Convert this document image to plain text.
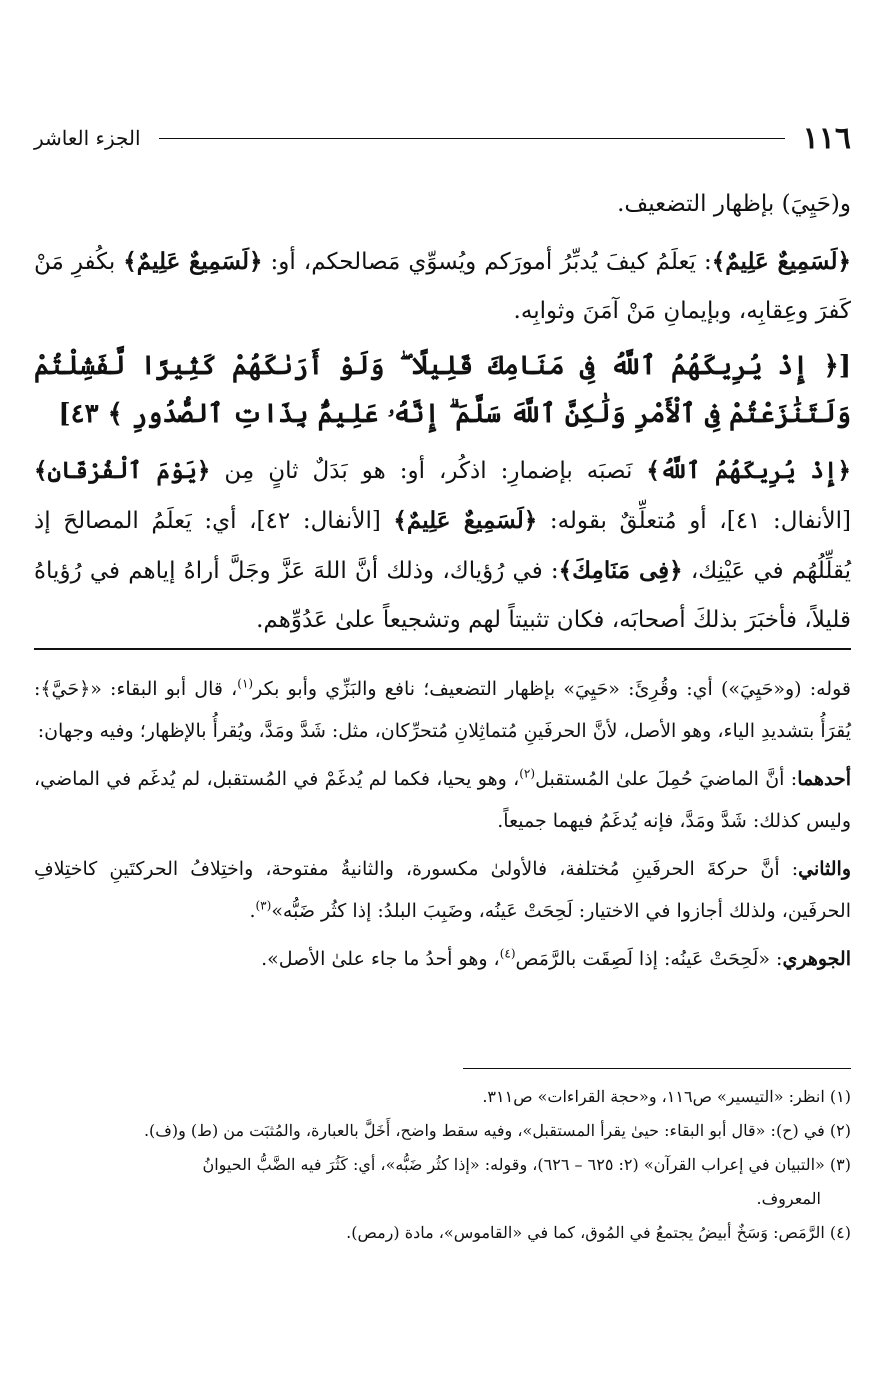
١١٦
الجزء العاشر

و(حَيِيَ) بإظهار التضعيف.

﴿لَسَمِيعٌ عَلِيمٌ﴾: يَعلَمُ كيفَ يُدبِّرُ أمورَكم ويُسوِّي مَصالحكم، أو: ﴿لَسَمِيعٌ عَلِيمٌ﴾ بكُفرِ مَنْ كَفرَ وعِقابِه، وبإيمانِ مَنْ آمَنَ وثوابِه.

[﴿ إِذْ يُرِيكَهُمُ ٱللَّهُ فِى مَنَامِكَ قَلِيلًا ۖ وَلَوْ أَرَىٰكَهُمْ كَثِيرًا لَّفَشِلْتُمْ وَلَتَنَٰزَعْتُمْ فِى ٱلْأَمْرِ وَلَٰكِنَّ ٱللَّهَ سَلَّمَ ۗ إِنَّهُۥ عَلِيمٌۢ بِذَاتِ ٱلصُّدُورِ ﴾ ٤٣]

﴿إِذْ يُرِيكَهُمُ ٱللَّهُ﴾ نَصبَه بإضمارِ: اذكُر، أو: هو بَدَلٌ ثانٍ مِن ﴿يَوْمَ ٱلْفُرْقَانِ﴾ [الأنفال: ٤١]، أو مُتعلِّقٌ بقوله: ﴿لَسَمِيعٌ عَلِيمٌ﴾ [الأنفال: ٤٢]، أي: يَعلَمُ المصالحَ إذ يُقلِّلُهُم في عَيْنِك، ﴿فِى مَنَامِكَ﴾: في رُؤياك، وذلك أنَّ اللهَ عَزَّ وجَلَّ أراهُ إياهم في رُؤياهُ قليلاً، فأخبَرَ بذلكَ أصحابَه، فكان تثبيتاً لهم وتشجيعاً علىٰ عَدُوِّهم.

قوله: (و«حَيِيَ») أي: وقُرِئَ: «حَيِيَ» بإظهار التضعيف؛ نافع والبَزِّي وأبو بكر$^{(١)}$، قال أبو البقاء: «﴿حَيَّ﴾: يُقرَأُ بتشديدِ الياء، وهو الأصل، لأنَّ الحرفَينِ مُتماثِلانِ مُتحرِّكان، مثل: شَدَّ ومَدَّ، ويُقرأُ بالإظهار؛ وفيه وجهان:

أحدهما: أنَّ الماضيَ حُمِلَ علىٰ المُستقبل$^{(٢)}$، وهو يحيا، فكما لم يُدغَمْ في المُستقبل، لم يُدغَم في الماضي، وليس كذلك: شَدَّ ومَدَّ، فإنه يُدغَمُ فيهما جميعاً.

والثاني: أنَّ حركةَ الحرفَينِ مُختلفة، فالأولىٰ مكسورة، والثانيةُ مفتوحة، واختِلافُ الحركتَينِ كاختِلافِ الحرفَين، ولذلك أجازوا في الاختيار: لَحِحَتْ عَينُه، وضَبِبَ البلدُ: إذا كثُر ضَبُّه»$^{(٣)}$.

الجوهري: «لَحِحَتْ عَينُه: إذا لَصِقَت بالرَّمَص$^{(٤)}$، وهو أحدُ ما جاء علىٰ الأصل».

(١) انظر: «التيسير» ص١١٦، و«حجة القراءات» ص٣١١.

(٢) في (ح): «قال أبو البقاء: حيىٰ يقرأ المستقبل»، وفيه سقط واضح، أَخَلَّ بالعبارة، والمُثبَت من (ط) و(ف).

(٣) «التبيان في إعراب القرآن» (٢: ٦٢٥ – ٦٢٦)، وقوله: «إذا كثُر ضَبُّه»، أي: كَثُرَ فيه الضَّبُّ الحيوانُ

المعروف.

(٤) الرَّمَص: وَسَخٌ أبيضُ يجتمعُ في المُوق، كما في «القاموس»، مادة (رمص).
